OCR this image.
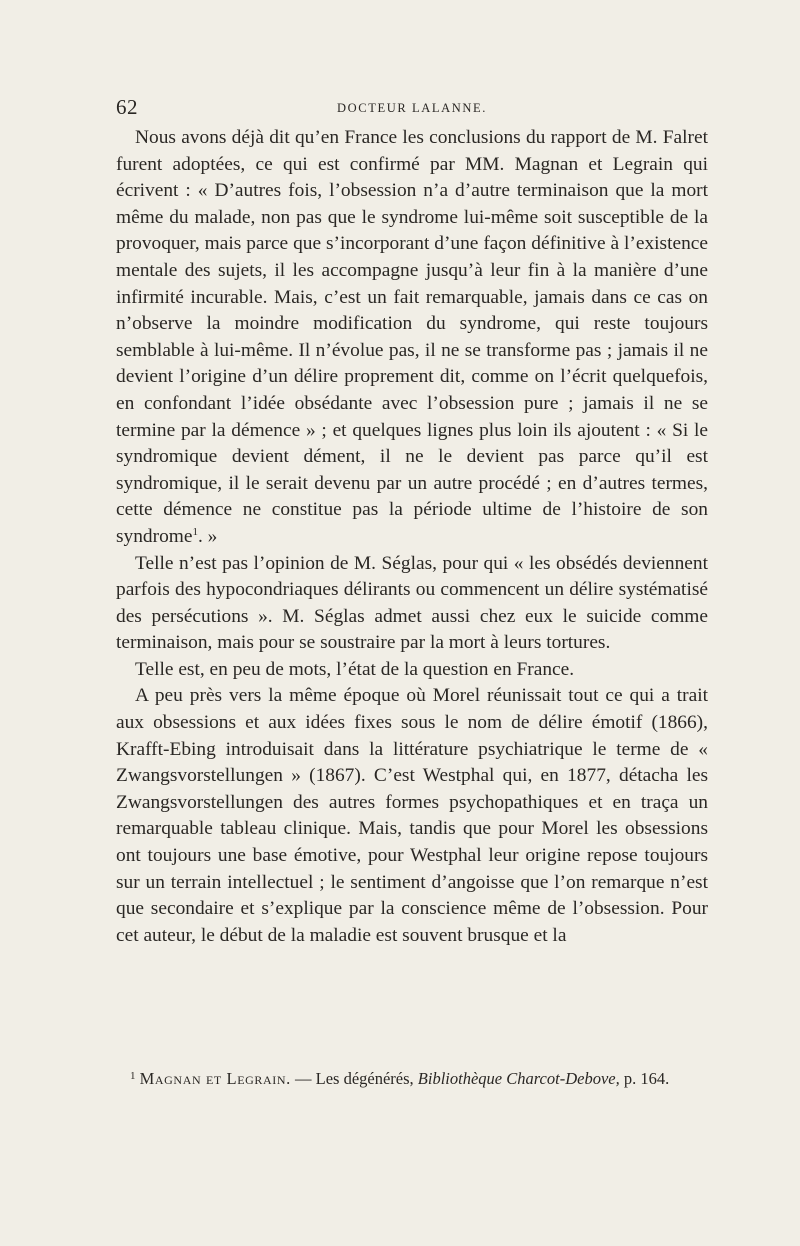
62	DOCTEUR LALANNE.

Nous avons déjà dit qu’en France les conclusions du rapport de M. Falret furent adoptées, ce qui est confirmé par MM. Magnan et Legrain qui écrivent : « D’autres fois, l’obsession n’a d’autre terminaison que la mort même du malade, non pas que le syndrome lui-même soit susceptible de la provoquer, mais parce que s’incorporant d’une façon définitive à l’existence mentale des sujets, il les accompagne jusqu’à leur fin à la manière d’une infirmité incurable. Mais, c’est un fait remarquable, jamais dans ce cas on n’observe la moindre modification du syndrome, qui reste toujours semblable à lui-même. Il n’évolue pas, il ne se transforme pas ; jamais il ne devient l’origine d’un délire proprement dit, comme on l’écrit quelquefois, en confondant l’idée obsédante avec l’obsession pure ; jamais il ne se termine par la démence » ; et quelques lignes plus loin ils ajoutent : « Si le syndromique devient dément, il ne le devient pas parce qu’il est syndromique, il le serait devenu par un autre procédé ; en d’autres termes, cette démence ne constitue pas la période ultime de l’histoire de son syndrome$^1$. »

Telle n’est pas l’opinion de M. Séglas, pour qui « les obsédés deviennent parfois des hypocondriaques délirants ou commencent un délire systématisé des persécutions ». M. Séglas admet aussi chez eux le suicide comme terminaison, mais pour se soustraire par la mort à leurs tortures.

Telle est, en peu de mots, l’état de la question en France.

A peu près vers la même époque où Morel réunissait tout ce qui a trait aux obsessions et aux idées fixes sous le nom de délire émotif (1866), Krafft-Ebing introduisait dans la littérature psychiatrique le terme de « Zwangsvorstellungen » (1867). C’est Westphal qui, en 1877, détacha les Zwangsvorstellungen des autres formes psychopathiques et en traça un remarquable tableau clinique. Mais, tandis que pour Morel les obsessions ont toujours une base émotive, pour Westphal leur origine repose toujours sur un terrain intellectuel ; le sentiment d’angoisse que l’on remarque n’est que secondaire et s’explique par la conscience même de l’obsession. Pour cet auteur, le début de la maladie est souvent brusque et la

$^1$ Magnan et Legrain. — Les dégénérés, Bibliothèque Charcot-Debove, p. 164.
